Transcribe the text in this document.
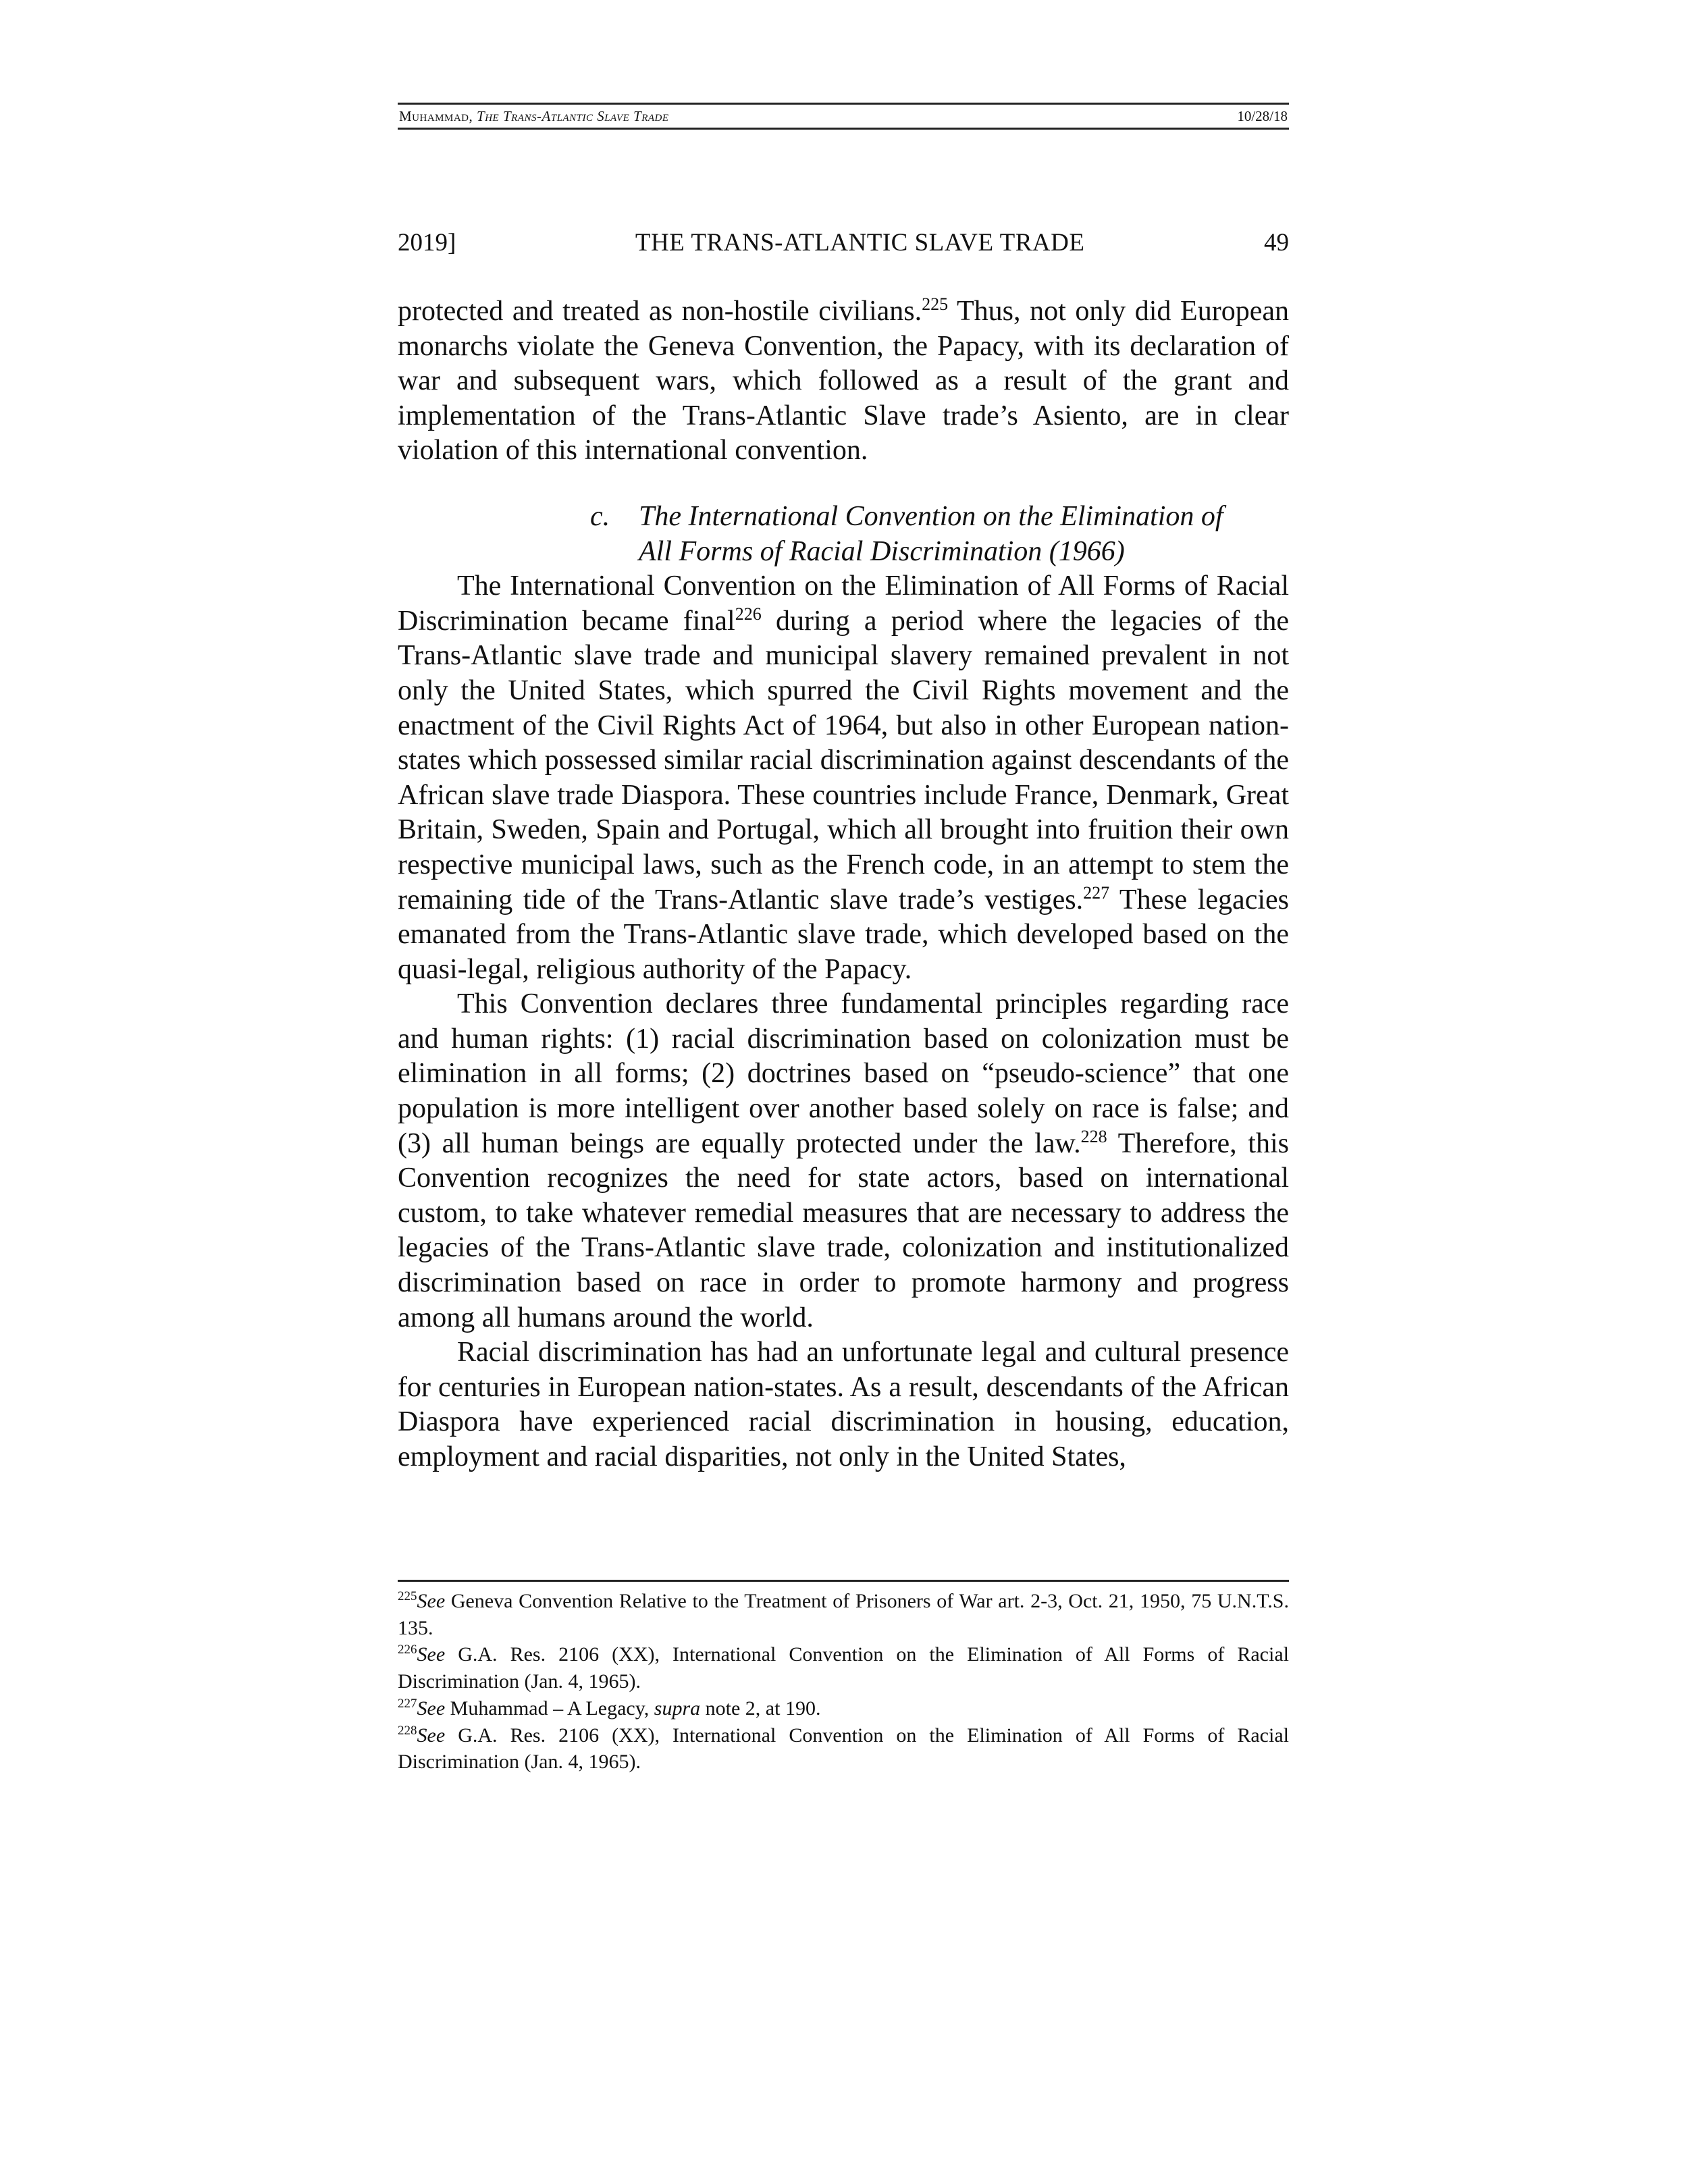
Muhammad, The Trans-Atlantic Slave Trade	10/28/18
2019]	THE TRANS-ATLANTIC SLAVE TRADE	49

protected and treated as non-hostile civilians.$^{225}$ Thus, not only did European monarchs violate the Geneva Convention, the Papacy, with its declaration of war and subsequent wars, which followed as a result of the grant and implementation of the Trans-Atlantic Slave trade’s Asiento, are in clear violation of this international convention.

c.	The International Convention on the Elimination of
All Forms of Racial Discrimination (1966)

The International Convention on the Elimination of All Forms of Racial Discrimination became final$^{226}$ during a period where the legacies of the Trans-Atlantic slave trade and municipal slavery remained prevalent in not only the United States, which spurred the Civil Rights movement and the enactment of the Civil Rights Act of 1964, but also in other European nation-states which possessed similar racial discrimination against descendants of the African slave trade Diaspora. These countries include France, Denmark, Great Britain, Sweden, Spain and Portugal, which all brought into fruition their own respective municipal laws, such as the French code, in an attempt to stem the remaining tide of the Trans-Atlantic slave trade’s vestiges.$^{227}$ These legacies emanated from the Trans-Atlantic slave trade, which developed based on the quasi-legal, religious authority of the Papacy.

This Convention declares three fundamental principles regarding race and human rights: (1) racial discrimination based on colonization must be elimination in all forms; (2) doctrines based on “pseudo-science” that one population is more intelligent over another based solely on race is false; and (3) all human beings are equally protected under the law.$^{228}$ Therefore, this Convention recognizes the need for state actors, based on international custom, to take whatever remedial measures that are necessary to address the legacies of the Trans-Atlantic slave trade, colonization and institutionalized discrimination based on race in order to promote harmony and progress among all humans around the world.

Racial discrimination has had an unfortunate legal and cultural presence for centuries in European nation-states. As a result, descendants of the African Diaspora have experienced racial discrimination in housing, education, employment and racial disparities, not only in the United States,

$^{225}$See Geneva Convention Relative to the Treatment of Prisoners of War art. 2-3, Oct. 21, 1950, 75 U.N.T.S. 135.
$^{226}$See G.A. Res. 2106 (XX), International Convention on the Elimination of All Forms of Racial Discrimination (Jan. 4, 1965).
$^{227}$See Muhammad – A Legacy, supra note 2, at 190.
$^{228}$See G.A. Res. 2106 (XX), International Convention on the Elimination of All Forms of Racial Discrimination (Jan. 4, 1965).
